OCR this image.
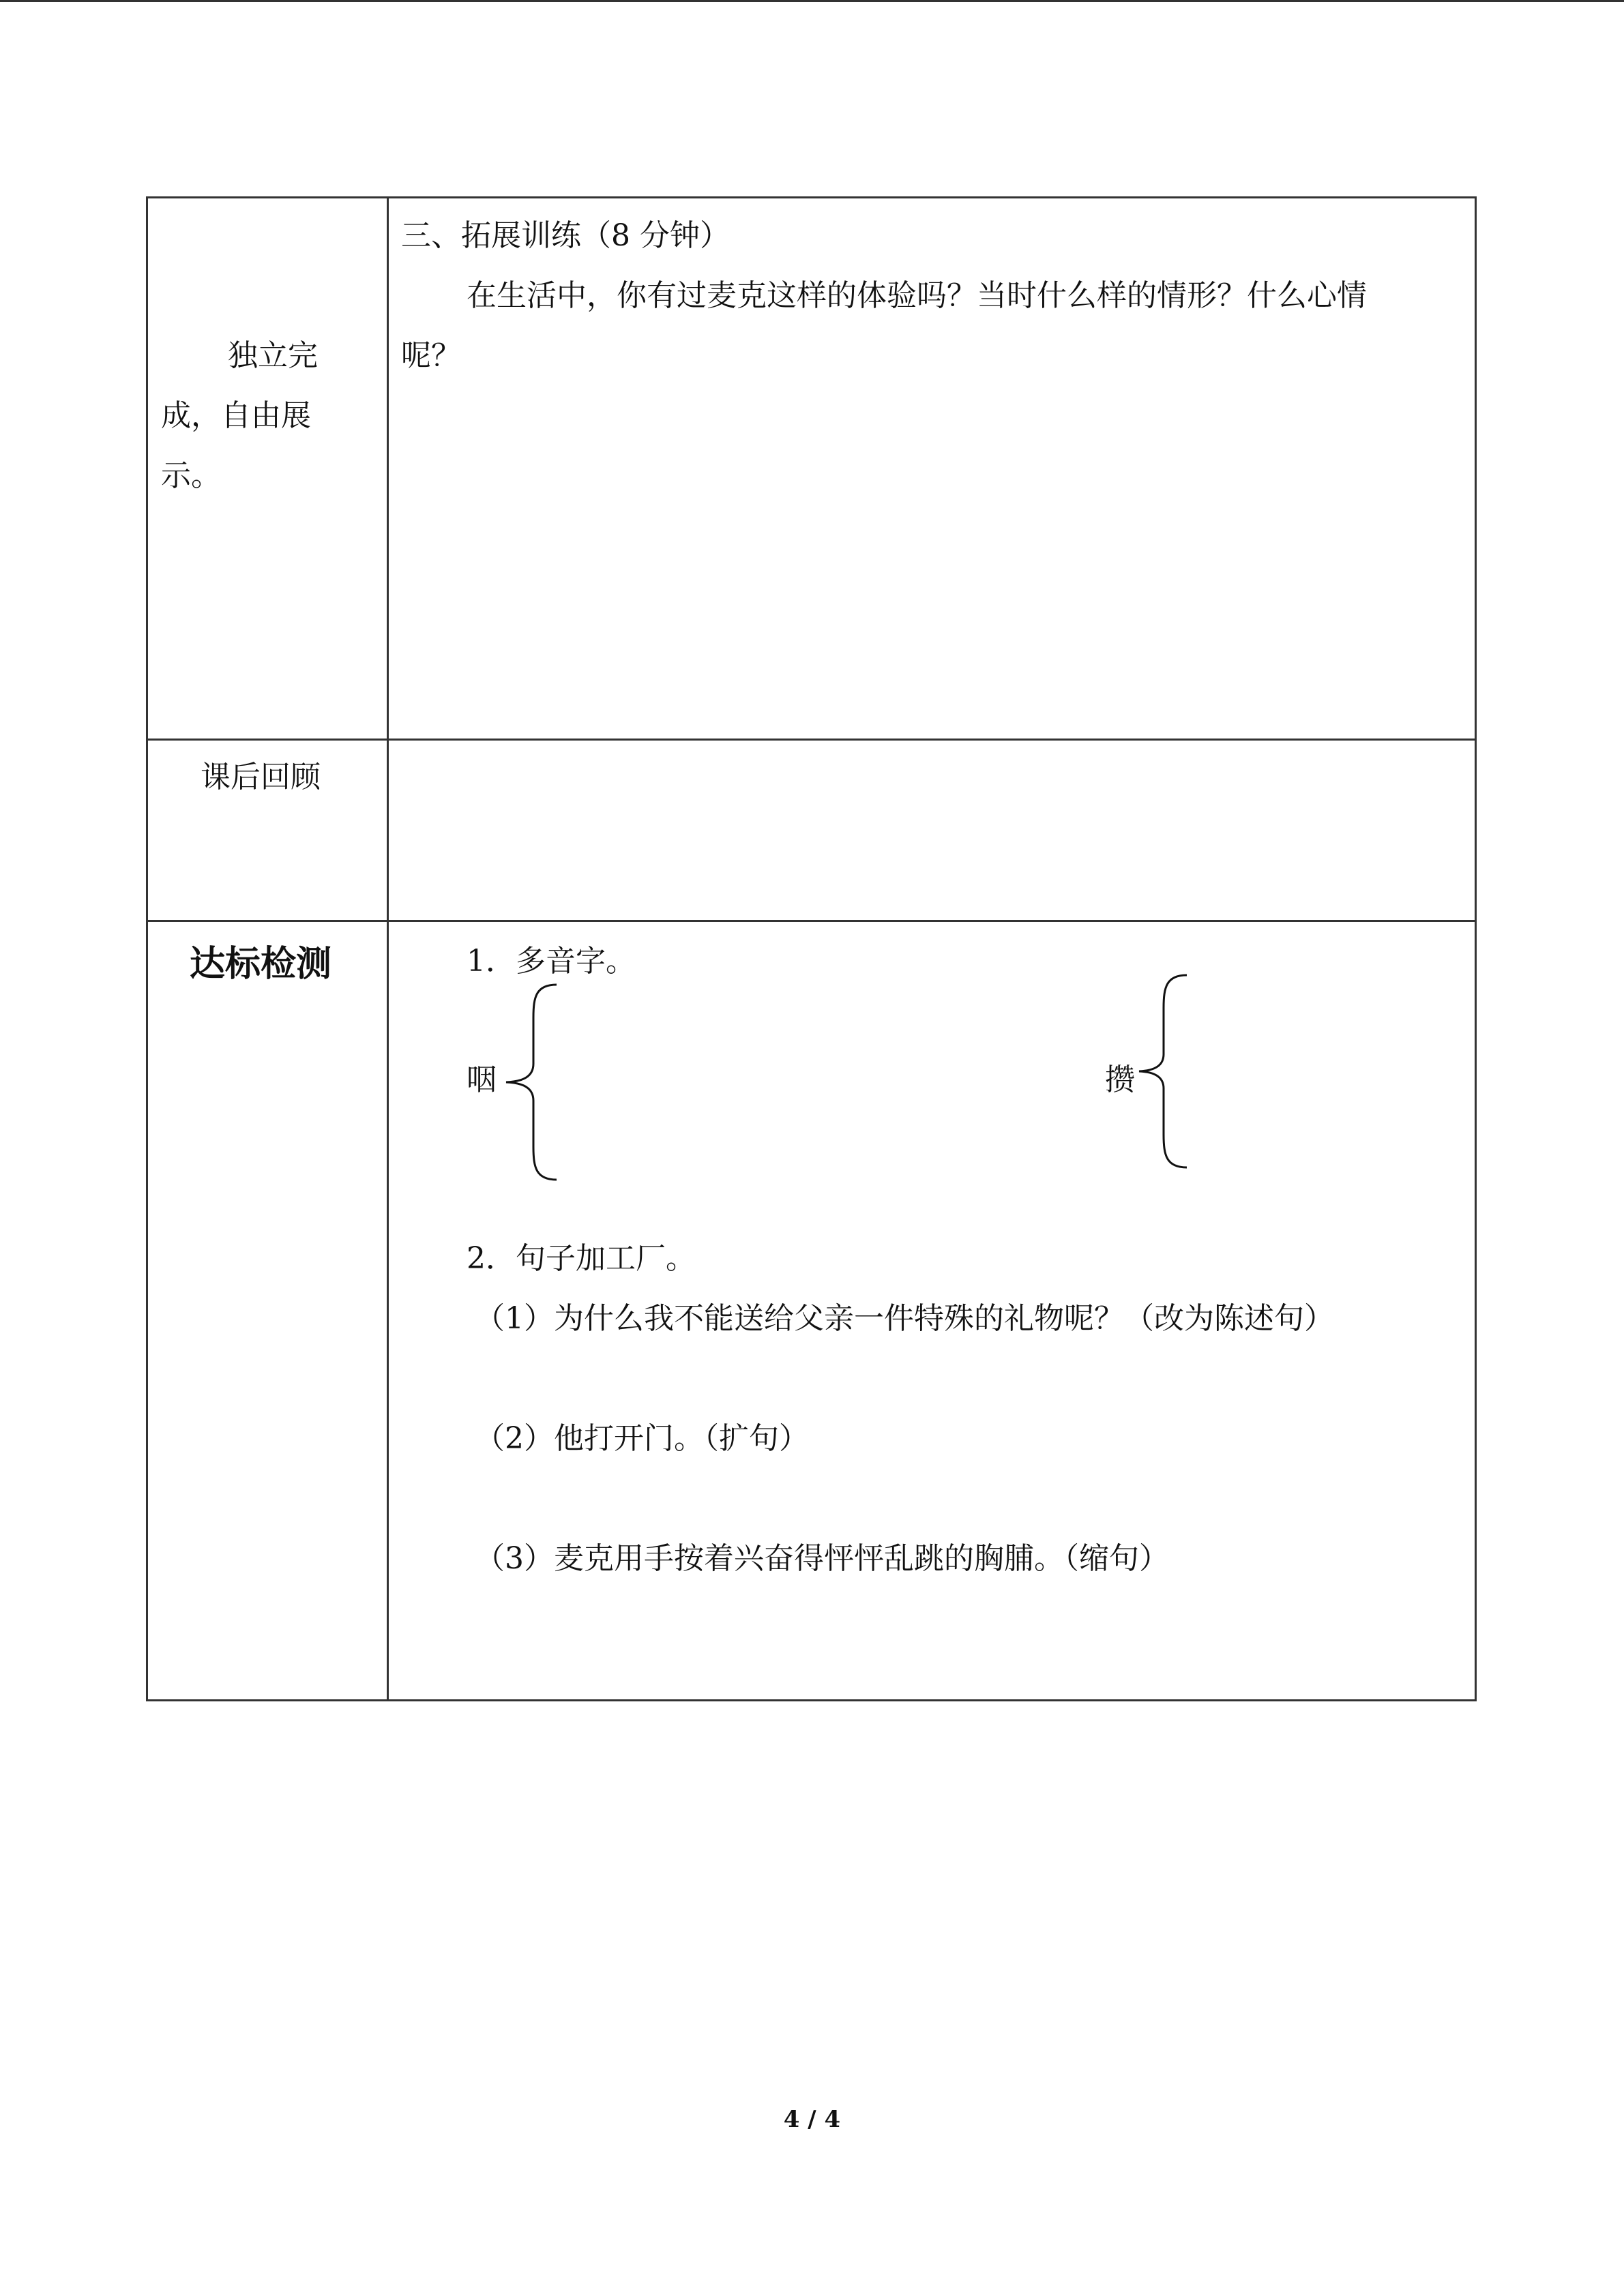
独立完
成，自由展
示。
三、拓展训练（8 分钟）
在生活中，你有过麦克这样的体验吗？当时什么样的情形？什么心情
呢？
课后回顾
达标检测	1．多音字。
咽	攒
2．句子加工厂。
（1）为什么我不能送给父亲一件特殊的礼物呢？（改为陈述句）
（2）他打开门。（扩句）
（3）麦克用手按着兴奋得怦怦乱跳的胸脯。（缩句）
4 / 4
